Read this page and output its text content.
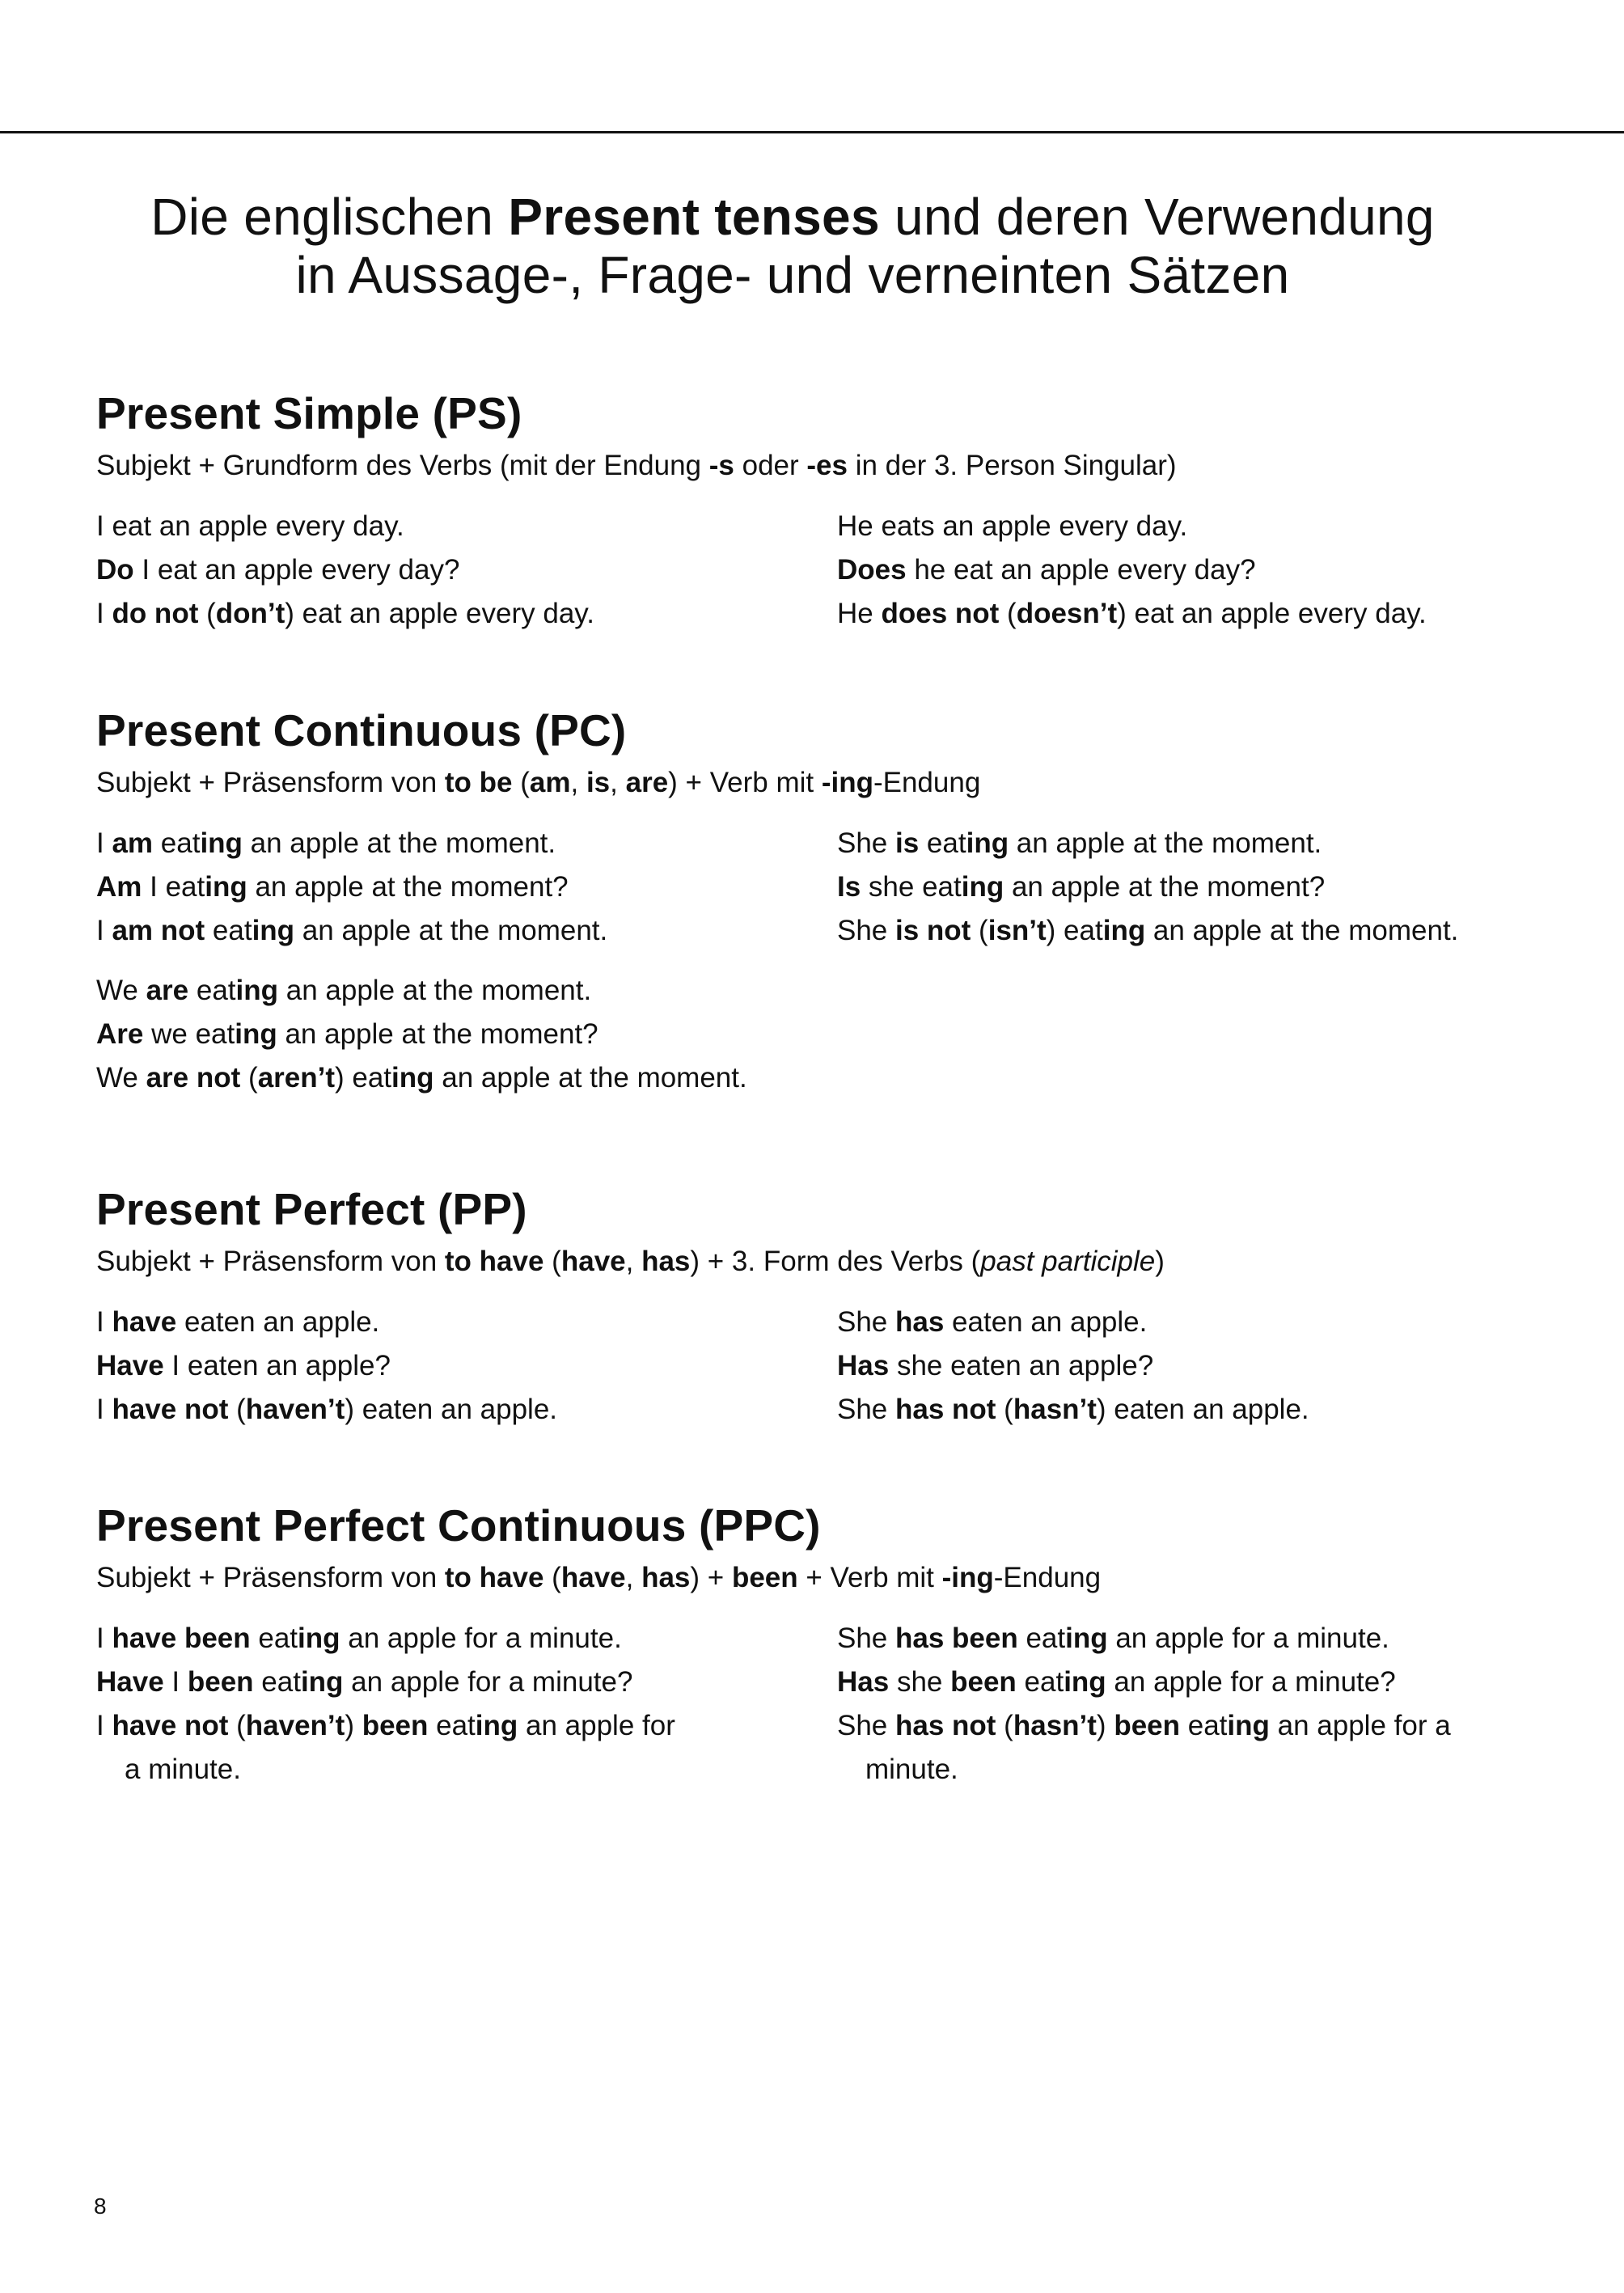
Die englischen Present tenses und deren Verwendung
in Aussage-, Frage- und verneinten Sätzen
Present Simple (PS)

Subjekt + Grundform des Verbs (mit der Endung -s oder -es in der 3. Person Singular)

I eat an apple every day.
Do I eat an apple every day?
I do not (don’t) eat an apple every day.
He eats an apple every day.
Does he eat an apple every day?
He does not (doesn’t) eat an apple every day.
Present Continuous (PC)

Subjekt + Präsensform von to be (am, is, are) + Verb mit -ing-Endung

I am eating an apple at the moment.
Am I eating an apple at the moment?
I am not eating an apple at the moment.
She is eating an apple at the moment.
Is she eating an apple at the moment?
She is not (isn’t) eating an apple at the moment.
We are eating an apple at the moment.
Are we eating an apple at the moment?
We are not (aren’t) eating an apple at the moment.
Present Perfect (PP)

Subjekt + Präsensform von to have (have, has) + 3. Form des Verbs (past participle)

I have eaten an apple.
Have I eaten an apple?
I have not (haven’t) eaten an apple.
She has eaten an apple.
Has she eaten an apple?
She has not (hasn’t) eaten an apple.
Present Perfect Continuous (PPC)

Subjekt + Präsensform von to have (have, has) + been + Verb mit -ing-Endung

I have been eating an apple for a minute.
Have I been eating an apple for a minute?
I have not (haven’t) been eating an apple for a minute.
She has been eating an apple for a minute.
Has she been eating an apple for a minute?
She has not (hasn’t) been eating an apple for a minute.
8
